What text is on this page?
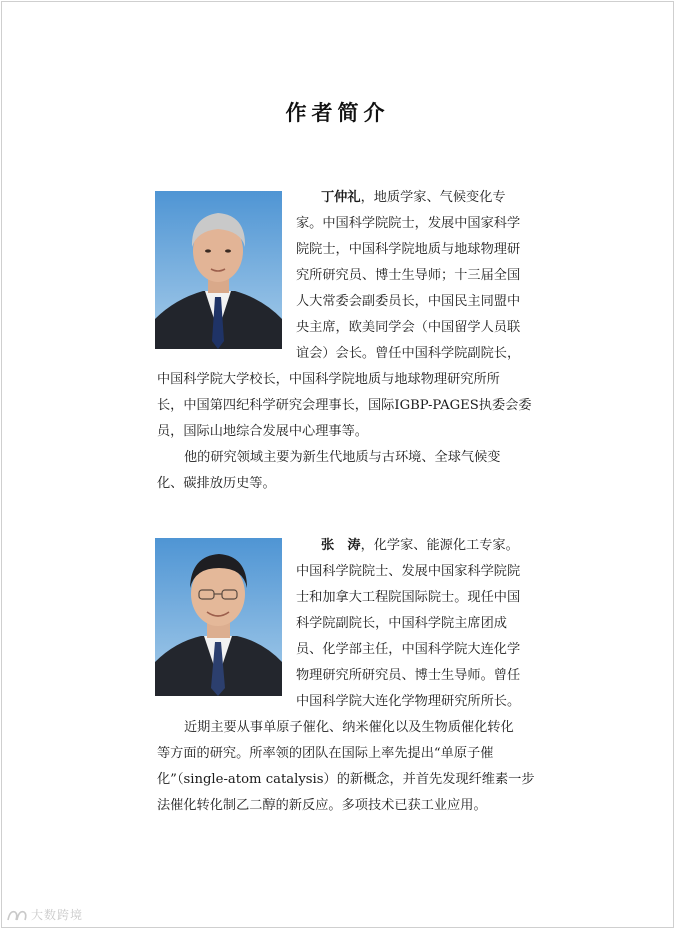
作者简介
丁仲礼，地质学家、气候变化专
家。中国科学院院士，发展中国家科学
院院士，中国科学院地质与地球物理研
究所研究员、博士生导师；十三届全国
人大常委会副委员长，中国民主同盟中
央主席，欧美同学会（中国留学人员联
谊会）会长。曾任中国科学院副院长，
中国科学院大学校长，中国科学院地质与地球物理研究所所
长，中国第四纪科学研究会理事长，国际IGBP-PAGES执委会委
员，国际山地综合发展中心理事等。
他的研究领域主要为新生代地质与古环境、全球气候变
化、碳排放历史等。
张　涛，化学家、能源化工专家。
中国科学院院士、发展中国家科学院院
士和加拿大工程院国际院士。现任中国
科学院副院长，中国科学院主席团成
员、化学部主任，中国科学院大连化学
物理研究所研究员、博士生导师。曾任
中国科学院大连化学物理研究所所长。
近期主要从事单原子催化、纳米催化以及生物质催化转化
等方面的研究。所率领的团队在国际上率先提出“单原子催
化”（single-atom catalysis）的新概念，并首先发现纤维素一步
法催化转化制乙二醇的新反应。多项技术已获工业应用。
大数跨境
